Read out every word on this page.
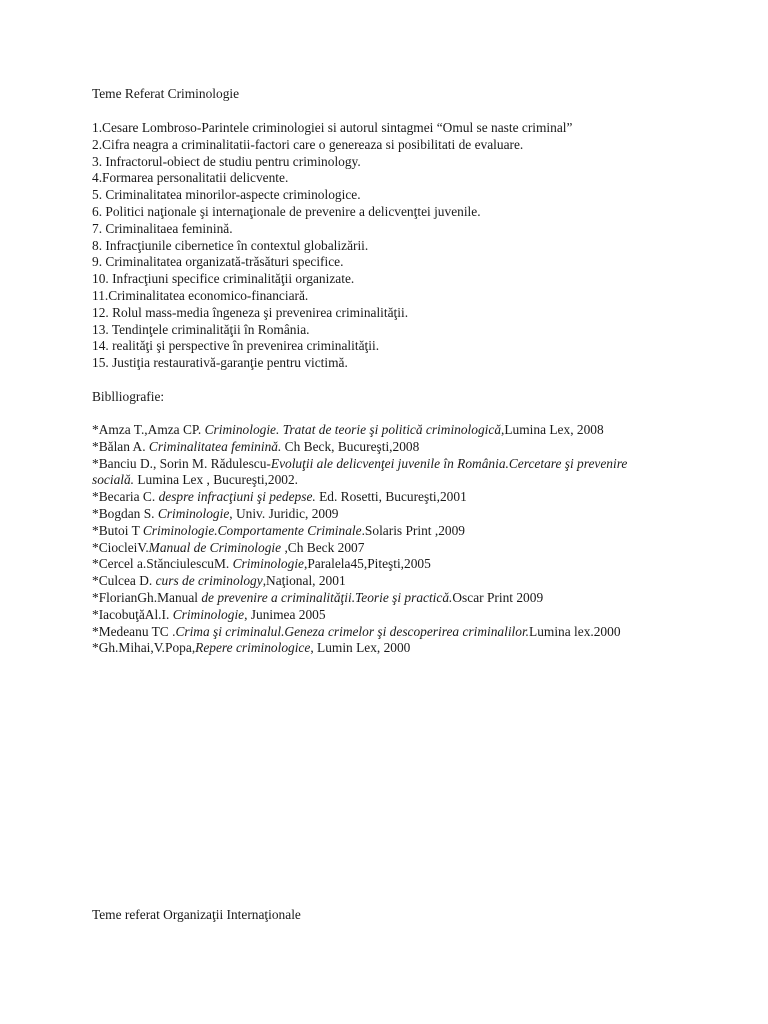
Teme Referat Criminologie
1.Cesare Lombroso-Parintele criminologiei si autorul sintagmei “Omul se naste criminal”
2.Cifra neagra a criminalitatii-factori care o genereaza si posibilitati de evaluare.
3. Infractorul-obiect de studiu pentru criminology.
4.Formarea personalitatii delicvente.
5. Criminalitatea minorilor-aspecte criminologice.
6. Politici naţionale şi internaţionale de prevenire a delicvenţtei juvenile.
7. Criminalitaea feminină.
8. Infracţiunile cibernetice în contextul globalizării.
9. Criminalitatea organizată-trăsături specifice.
10. Infracţiuni specifice criminalităţii organizate.
11.Criminalitatea economico-financiară.
12. Rolul mass-media îngeneza şi prevenirea criminalităţii.
13. Tendinţele criminalităţii în România.
14. realităţi şi perspective în prevenirea criminalităţii.
15. Justiţia restaurativă-garanţie pentru victimă.
Biblliografie:
*Amza T.,Amza CP. Criminologie. Tratat de teorie şi politică criminologică,Lumina Lex, 2008
*Bălan A. Criminalitatea feminină. Ch Beck, Bucureşti,2008
*Banciu D., Sorin M. Rădulescu-Evoluţii ale delicvenţei juvenile în România.Cercetare şi prevenire socială. Lumina Lex , Bucureşti,2002.
*Becaria C. despre infracţiuni şi pedepse. Ed. Rosetti, Bucureşti,2001
*Bogdan S. Criminologie, Univ. Juridic, 2009
*Butoi T Criminologie.Comportamente Criminale.Solaris Print ,2009
*CiocleiV.Manual de Criminologie ,Ch Beck 2007
*Cercel a.StănciulescuM. Criminologie,Paralela45,Piteşti,2005
*Culcea D. curs de criminology,Naţional, 2001
*FlorianGh.Manual de prevenire a criminalităţii.Teorie şi practică.Oscar Print 2009
*IacobuţăAl.I. Criminologie, Junimea 2005
*Medeanu TC .Crima şi criminalul.Geneza crimelor şi descoperirea criminalilor.Lumina lex.2000
*Gh.Mihai,V.Popa,Repere criminologice, Lumin Lex, 2000
Teme referat Organizaţii Internaţionale
